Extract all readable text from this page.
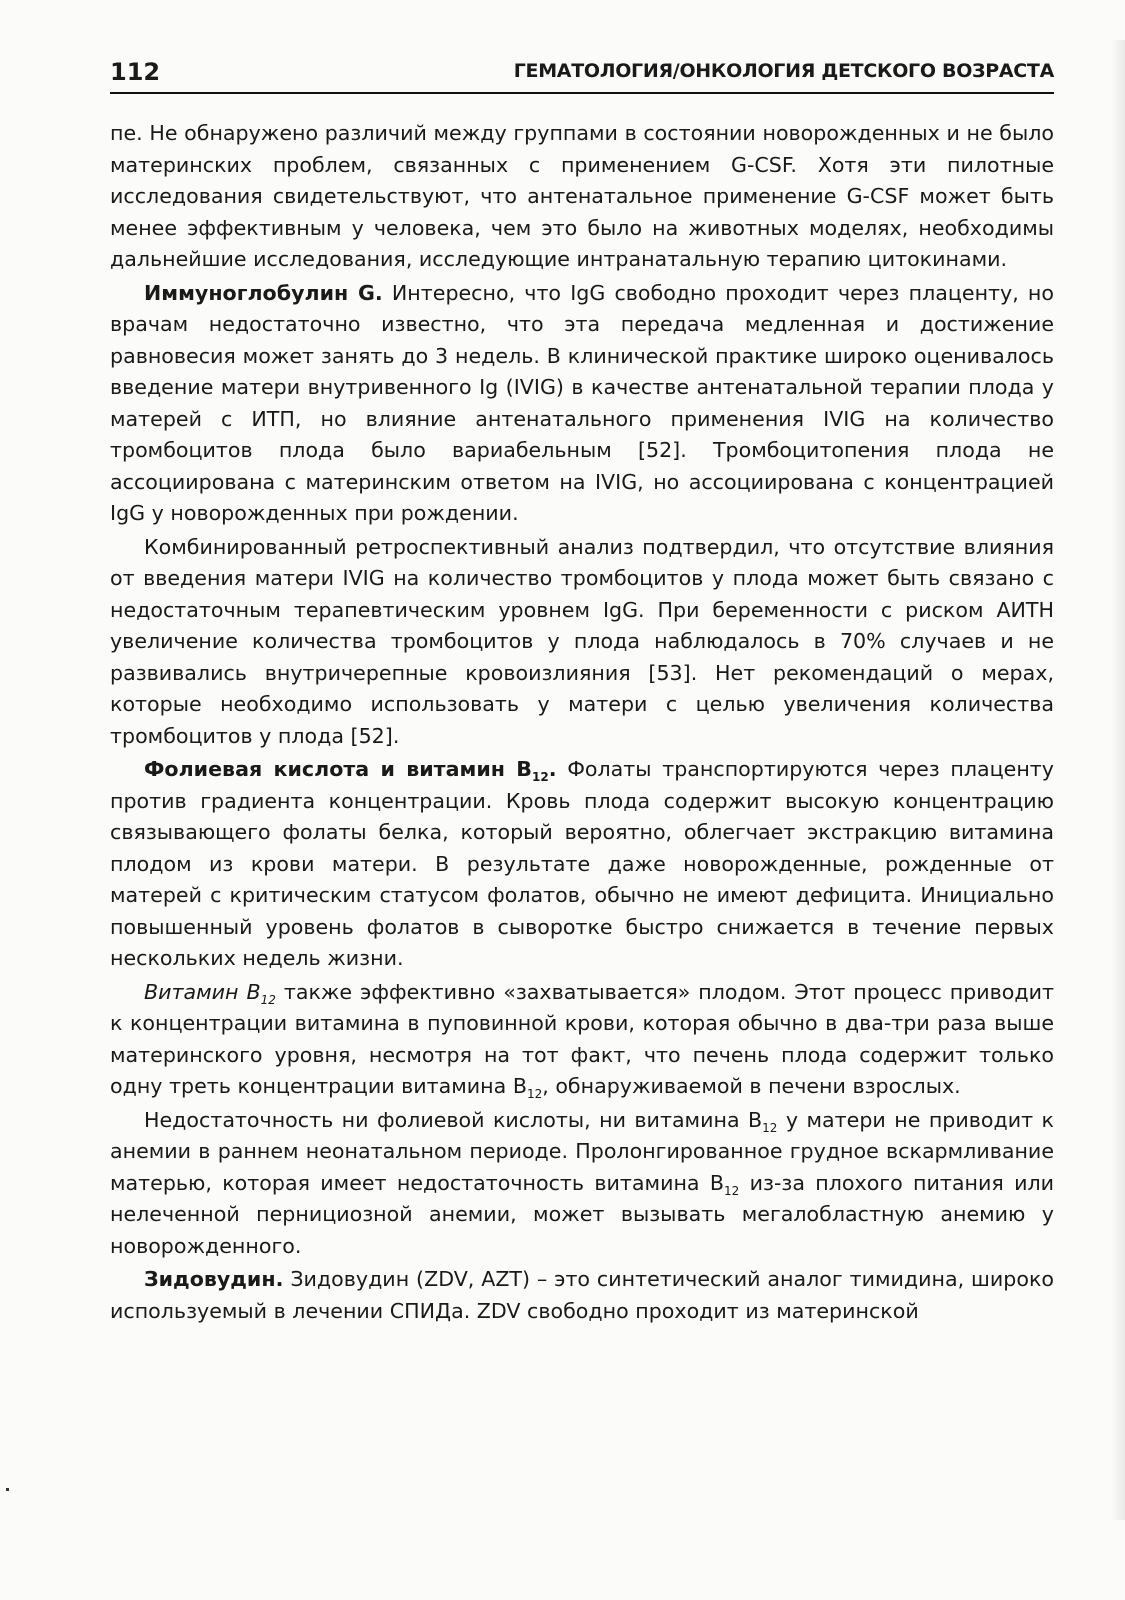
112	ГЕМАТОЛОГИЯ/ОНКОЛОГИЯ ДЕТСКОГО ВОЗРАСТА

пе. Не обнаружено различий между группами в состоянии новорожденных и не было материнских проблем, связанных с применением G-CSF. Хотя эти пилотные исследования свидетельствуют, что антенатальное применение G-CSF может быть менее эффективным у человека, чем это было на животных моделях, необходимы дальнейшие исследования, исследующие интранатальную терапию цитокинами.

Иммуноглобулин G. Интересно, что IgG свободно проходит через плаценту, но врачам недостаточно известно, что эта передача медленная и достижение равновесия может занять до 3 недель. В клинической практике широко оценивалось введение матери внутривенного Ig (IVIG) в качестве антенатальной терапии плода у матерей с ИТП, но влияние антенатального применения IVIG на количество тромбоцитов плода было вариабельным [52]. Тромбоцитопения плода не ассоциирована с материнским ответом на IVIG, но ассоциирована с концентрацией IgG у новорожденных при рождении.

Комбинированный ретроспективный анализ подтвердил, что отсутствие влияния от введения матери IVIG на количество тромбоцитов у плода может быть связано с недостаточным терапевтическим уровнем IgG. При беременности с риском АИТН увеличение количества тромбоцитов у плода наблюдалось в 70% случаев и не развивались внутричерепные кровоизлияния [53]. Нет рекомендаций о мерах, которые необходимо использовать у матери с целью увеличения количества тромбоцитов у плода [52].

Фолиевая кислота и витамин $B_{12}$. Фолаты транспортируются через плаценту против градиента концентрации. Кровь плода содержит высокую концентрацию связывающего фолаты белка, который вероятно, облегчает экстракцию витамина плодом из крови матери. В результате даже новорожденные, рожденные от матерей с критическим статусом фолатов, обычно не имеют дефицита. Инициально повышенный уровень фолатов в сыворотке быстро снижается в течение первых нескольких недель жизни.

Витамин $B_{12}$ также эффективно «захватывается» плодом. Этот процесс приводит к концентрации витамина в пуповинной крови, которая обычно в два-три раза выше материнского уровня, несмотря на тот факт, что печень плода содержит только одну треть концентрации витамина $B_{12}$, обнаруживаемой в печени взрослых.

Недостаточность ни фолиевой кислоты, ни витамина $B_{12}$ у матери не приводит к анемии в раннем неонатальном периоде. Пролонгированное грудное вскармливание матерью, которая имеет недостаточность витамина $B_{12}$ из-за плохого питания или нелеченной пернициозной анемии, может вызывать мегалобластную анемию у новорожденного.

Зидовудин. Зидовудин (ZDV, AZT) – это синтетический аналог тимидина, широко используемый в лечении СПИДа. ZDV свободно проходит из материнской
